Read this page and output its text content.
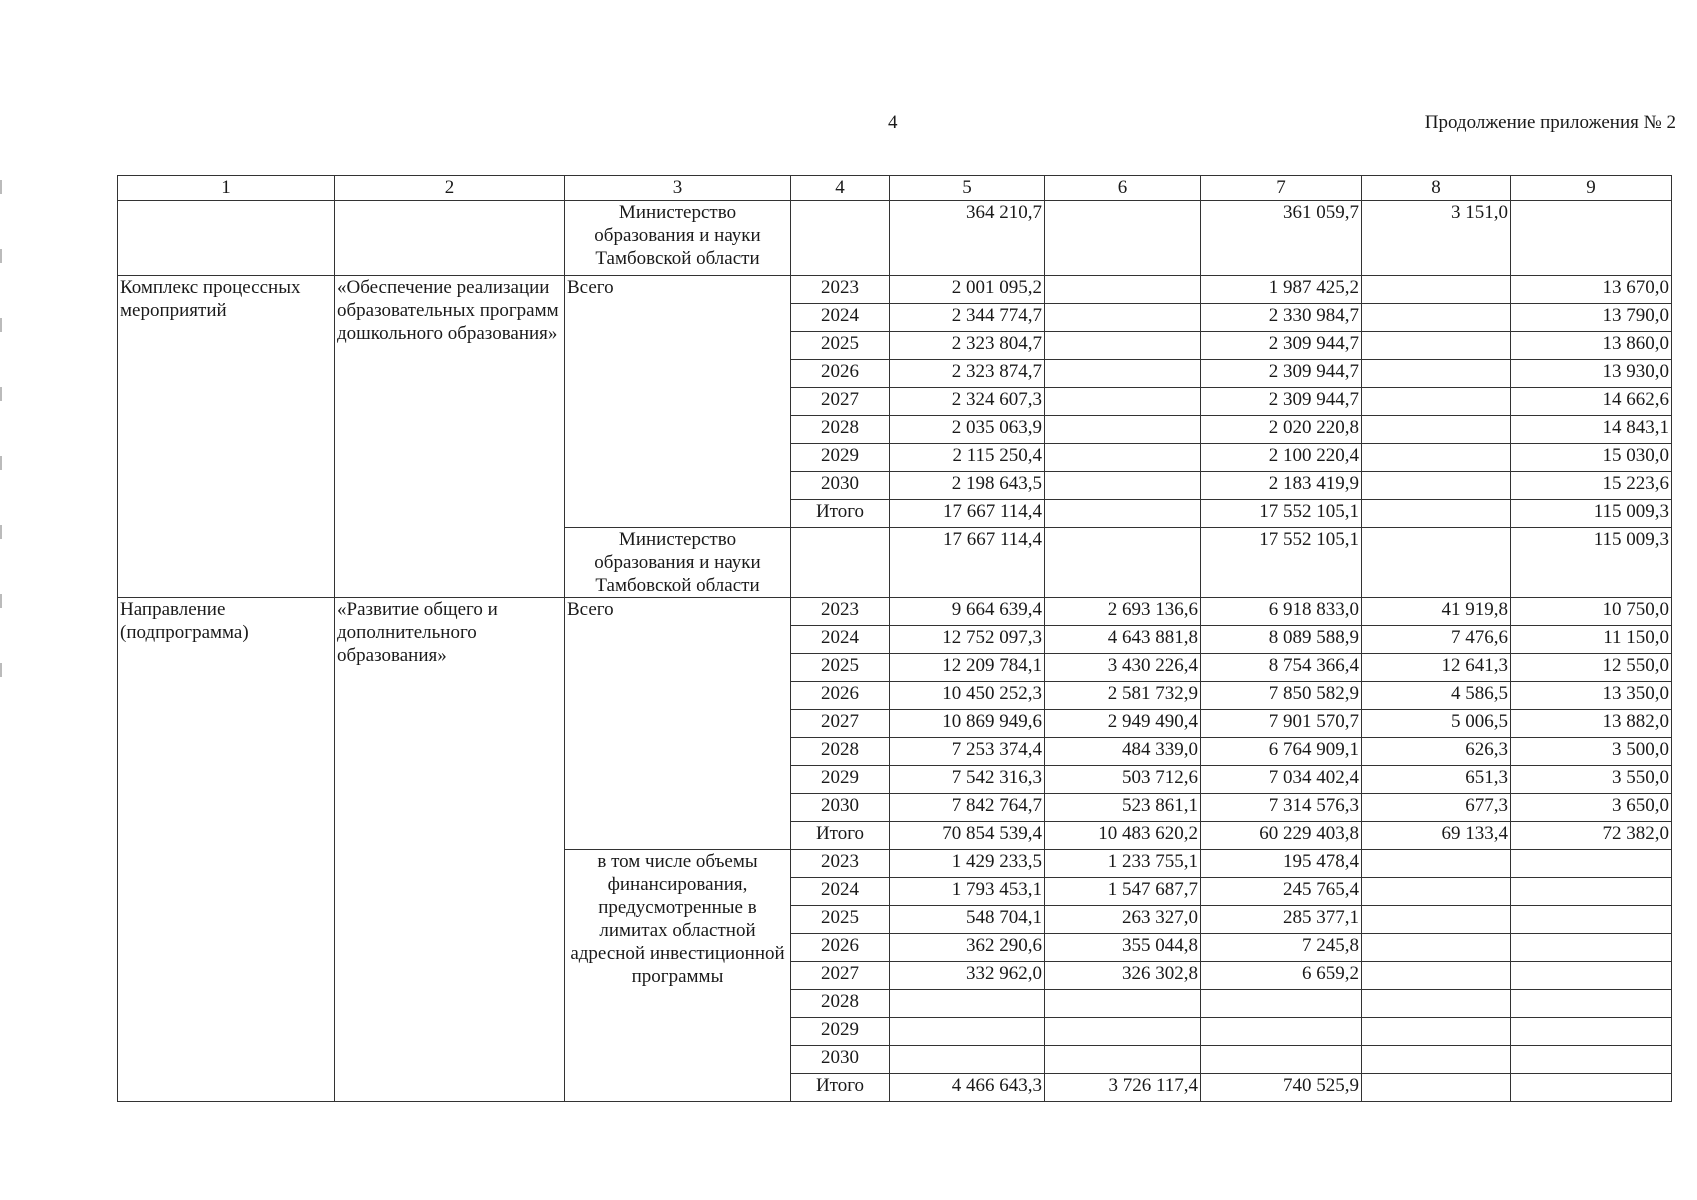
4	Продолжение приложения № 2
1	2	3	4	5	6	7	8	9
		Министерство образования и науки Тамбовской области		364 210,7		361 059,7	3 151,0	
Комплекс процессных мероприятий	«Обеспечение реализации образовательных программ дошкольного образования»	Всего	2023	2 001 095,2		1 987 425,2		13 670,0
			2024	2 344 774,7		2 330 984,7		13 790,0
			2025	2 323 804,7		2 309 944,7		13 860,0
			2026	2 323 874,7		2 309 944,7		13 930,0
			2027	2 324 607,3		2 309 944,7		14 662,6
			2028	2 035 063,9		2 020 220,8		14 843,1
			2029	2 115 250,4		2 100 220,4		15 030,0
			2030	2 198 643,5		2 183 419,9		15 223,6
			Итого	17 667 114,4		17 552 105,1		115 009,3
		Министерство образования и науки Тамбовской области		17 667 114,4		17 552 105,1		115 009,3
Направление (подпрограмма)	«Развитие общего и дополнительного образования»	Всего	2023	9 664 639,4	2 693 136,6	6 918 833,0	41 919,8	10 750,0
			2024	12 752 097,3	4 643 881,8	8 089 588,9	7 476,6	11 150,0
			2025	12 209 784,1	3 430 226,4	8 754 366,4	12 641,3	12 550,0
			2026	10 450 252,3	2 581 732,9	7 850 582,9	4 586,5	13 350,0
			2027	10 869 949,6	2 949 490,4	7 901 570,7	5 006,5	13 882,0
			2028	7 253 374,4	484 339,0	6 764 909,1	626,3	3 500,0
			2029	7 542 316,3	503 712,6	7 034 402,4	651,3	3 550,0
			2030	7 842 764,7	523 861,1	7 314 576,3	677,3	3 650,0
			Итого	70 854 539,4	10 483 620,2	60 229 403,8	69 133,4	72 382,0
		в том числе объемы финансирования, предусмотренные в лимитах областной адресной инвестиционной программы	2023	1 429 233,5	1 233 755,1	195 478,4		
			2024	1 793 453,1	1 547 687,7	245 765,4		
			2025	548 704,1	263 327,0	285 377,1		
			2026	362 290,6	355 044,8	7 245,8		
			2027	332 962,0	326 302,8	6 659,2		
			2028					
			2029					
			2030					
			Итого	4 466 643,3	3 726 117,4	740 525,9		
